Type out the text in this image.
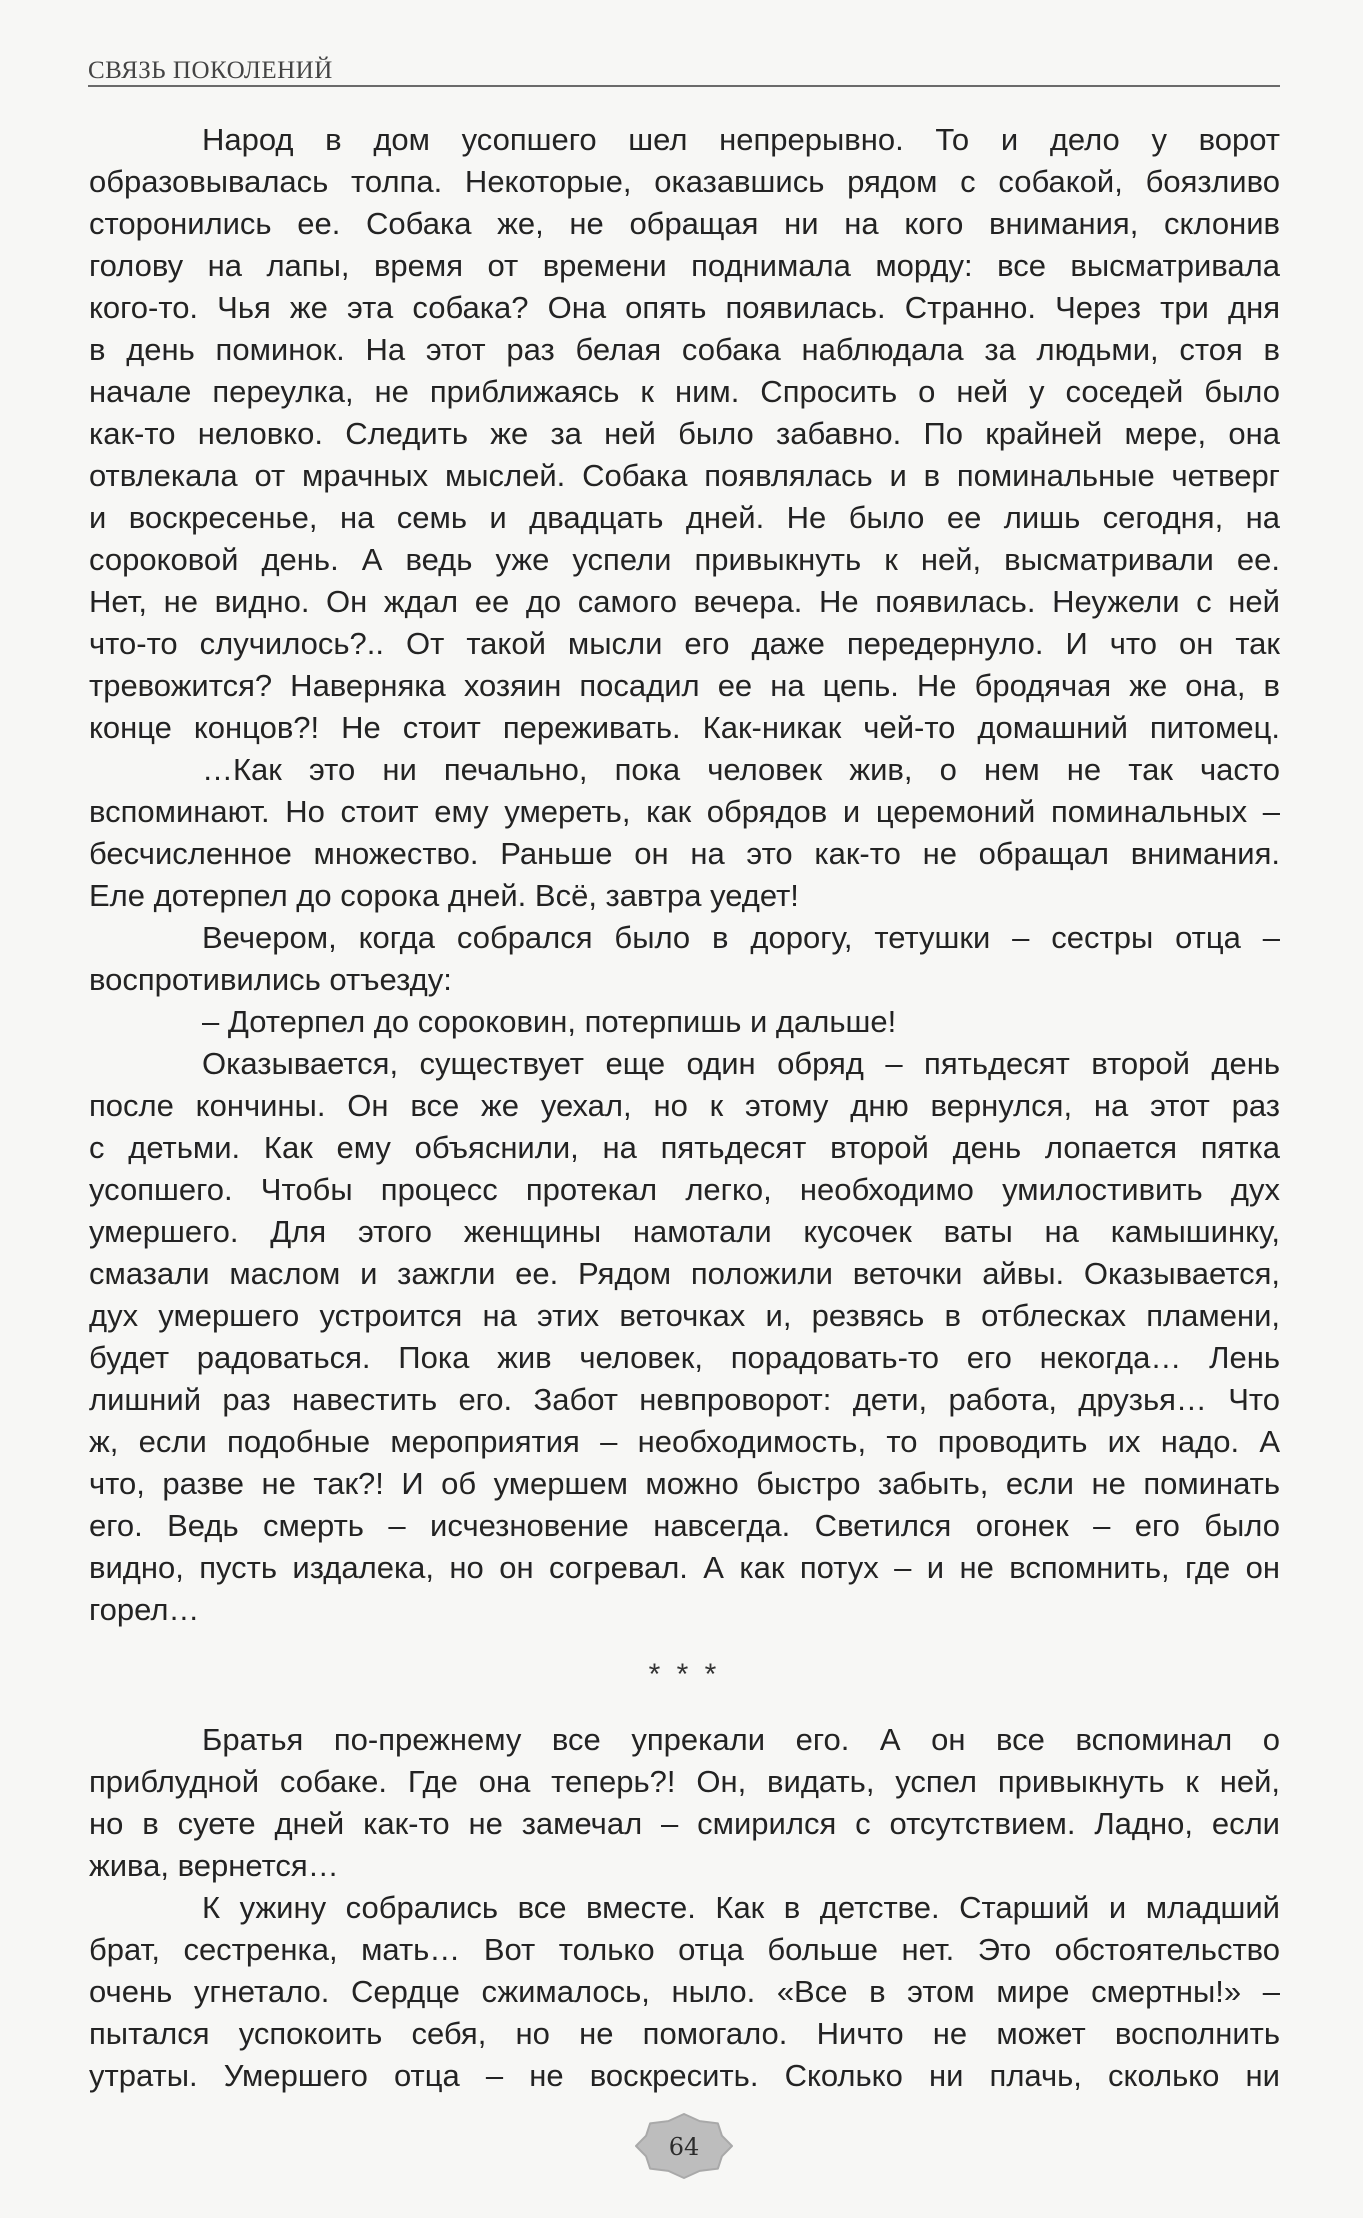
СВЯЗЬ ПОКОЛЕНИЙ
Народ в дом усопшего шел непрерывно. То и дело у ворот
образовывалась толпа. Некоторые, оказавшись рядом с собакой, боязливо
сторонились ее. Собака же, не обращая ни на кого внимания, склонив
голову на лапы, время от времени поднимала морду: все высматривала
кого-то. Чья же эта собака? Она опять появилась. Странно. Через три дня
в день поминок. На этот раз белая собака наблюдала за людьми, стоя в
начале переулка, не приближаясь к ним. Спросить о ней у соседей было
как-то неловко. Следить же за ней было забавно. По крайней мере, она
отвлекала от мрачных мыслей. Собака появлялась и в поминальные четверг
и воскресенье, на семь и двадцать дней. Не было ее лишь сегодня, на
сороковой день. А ведь уже успели привыкнуть к ней, высматривали ее.
Нет, не видно. Он ждал ее до самого вечера. Не появилась. Неужели с ней
что-то случилось?.. От такой мысли его даже передернуло. И что он так
тревожится? Наверняка хозяин посадил ее на цепь. Не бродячая же она, в
конце концов?! Не стоит переживать. Как-никак чей-то домашний питомец.
…Как это ни печально, пока человек жив, о нем не так часто
вспоминают. Но стоит ему умереть, как обрядов и церемоний поминальных –
бесчисленное множество. Раньше он на это как-то не обращал внимания.
Еле дотерпел до сорока дней. Всё, завтра уедет!
Вечером, когда собрался было в дорогу, тетушки – сестры отца –
воспротивились отъезду:
– Дотерпел до сороковин, потерпишь и дальше!
Оказывается, существует еще один обряд – пятьдесят второй день
после кончины. Он все же уехал, но к этому дню вернулся, на этот раз
с детьми. Как ему объяснили, на пятьдесят второй день лопается пятка
усопшего. Чтобы процесс протекал легко, необходимо умилостивить дух
умершего. Для этого женщины намотали кусочек ваты на камышинку,
смазали маслом и зажгли ее. Рядом положили веточки айвы. Оказывается,
дух умершего устроится на этих веточках и, резвясь в отблесках пламени,
будет радоваться. Пока жив человек, порадовать-то его некогда… Лень
лишний раз навестить его. Забот невпроворот: дети, работа, друзья… Что
ж, если подобные мероприятия – необходимость, то проводить их надо. А
что, разве не так?! И об умершем можно быстро забыть, если не поминать
его. Ведь смерть – исчезновение навсегда. Светился огонек – его было
видно, пусть издалека, но он согревал. А как потух – и не вспомнить, где он
горел…
* * *
Братья по-прежнему все упрекали его. А он все вспоминал о
приблудной собаке. Где она теперь?! Он, видать, успел привыкнуть к ней,
но в суете дней как-то не замечал – смирился с отсутствием. Ладно, если
жива, вернется…
К ужину собрались все вместе. Как в детстве. Старший и младший
брат, сестренка, мать… Вот только отца больше нет. Это обстоятельство
очень угнетало. Сердце сжималось, ныло. «Все в этом мире смертны!» –
пытался успокоить себя, но не помогало. Ничто не может восполнить
утраты. Умершего отца – не воскресить. Сколько ни плачь, сколько ни
64
